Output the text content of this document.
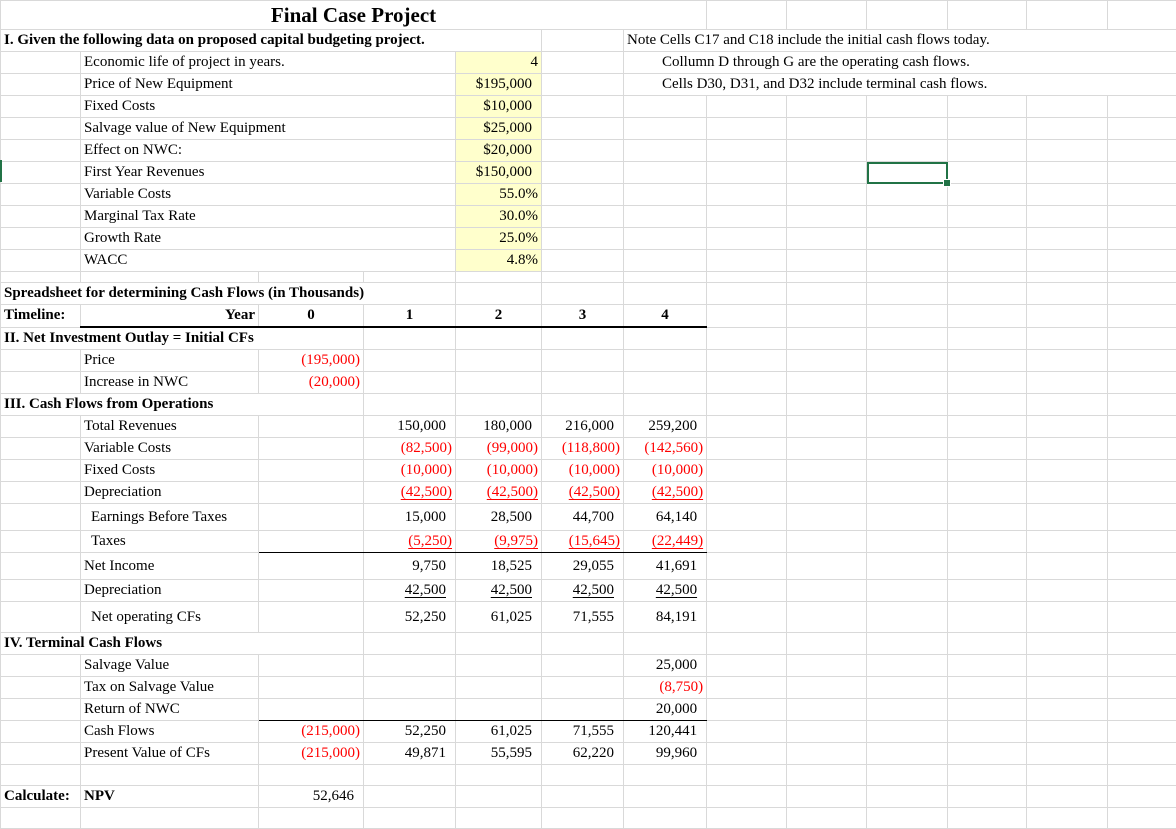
Final Case Project												
I. Given the following data on proposed capital budgeting project.						Note Cells C17 and C18 include the initial cash flows today.						
	Economic life of project in years.			4		Collumn D through G are the operating cash flows.						
	Price of New Equipment			$195,000		Cells D30, D31, and D32 include terminal cash flows.						
	Fixed Costs			$10,000								
	Salvage value of New Equipment			$25,000								
	Effect on NWC:			$20,000								
	First Year Revenues			$150,000								
	Variable Costs			55.0%								
	Marginal Tax Rate			30.0%								
	Growth Rate			25.0%								
	WACC			4.8%								

Spreadsheet for determining Cash Flows (in Thousands)												
Timeline:	Year	0	1	2	3	4						
II. Net Investment Outlay = Initial CFs												
	Price	(195,000)										
	Increase in NWC	(20,000)										
III. Cash Flows from Operations												
	Total Revenues		150,000	180,000	216,000	259,200						
	Variable Costs		(82,500)	(99,000)	(118,800)	(142,560)						
	Fixed Costs		(10,000)	(10,000)	(10,000)	(10,000)						
	Depreciation		(42,500)	(42,500)	(42,500)	(42,500)						
	Earnings Before Taxes		15,000	28,500	44,700	64,140						
	Taxes		(5,250)	(9,975)	(15,645)	(22,449)						
	Net Income		9,750	18,525	29,055	41,691						
	Depreciation		42,500	42,500	42,500	42,500						
	Net operating CFs		52,250	61,025	71,555	84,191						
IV. Terminal Cash Flows												
	Salvage Value					25,000						
	Tax on Salvage Value					(8,750)						
	Return of NWC					20,000						
	Cash Flows	(215,000)	52,250	61,025	71,555	120,441						
	Present Value of CFs	(215,000)	49,871	55,595	62,220	99,960						

Calculate:	NPV	52,646										
